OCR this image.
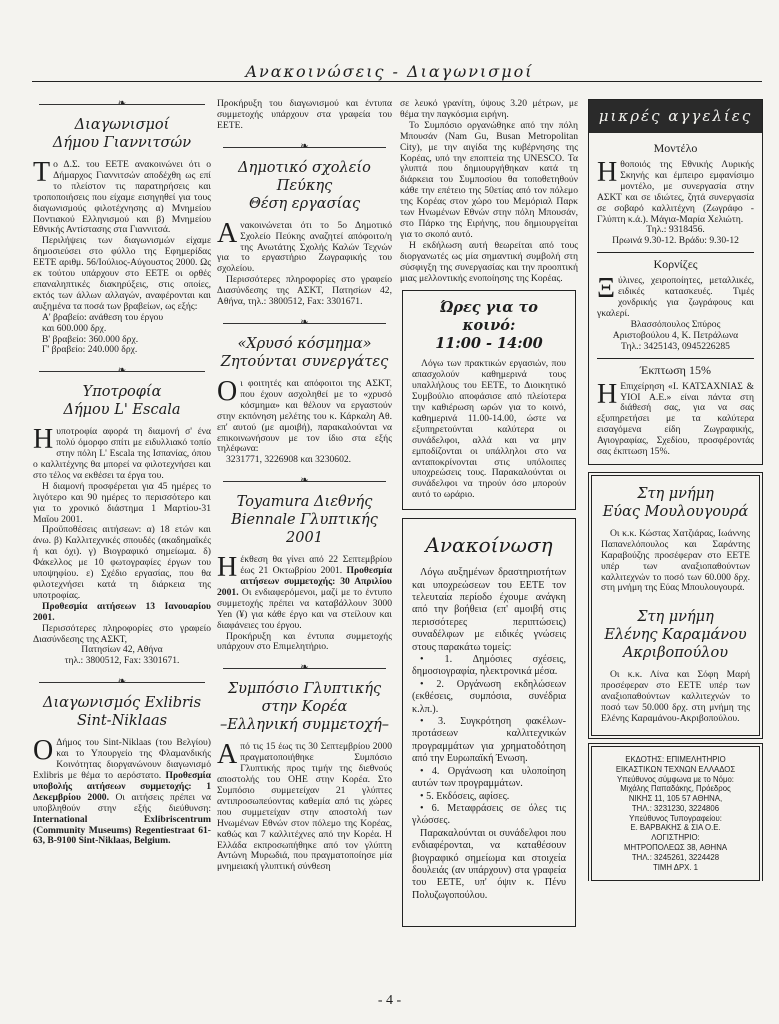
Ανακοινώσεις - Διαγωνισμοί
❧
Διαγωνισμοί
Δήμου Γιαννιτσών

Το Δ.Σ. του ΕΕΤΕ ανακοινώνει ότι ο Δήμαρχος Γιαννιτσών αποδέχθη ως επί το πλείστον τις παρατηρήσεις και τροποποιήσεις που είχαμε εισηγηθεί για τους διαγωνισμούς φιλοτέχνησης α) Μνημείου Ποντιακού Ελληνισμού και β) Μνημείου Εθνικής Αντίστασης στα Γιαννιτσά.

Περιλήψεις των διαγωνισμών είχαμε δημοσιεύσει στο φύλλο της Εφημερίδας ΕΕΤΕ αριθμ. 56/Ιούλιος-Αύγουστος 2000. Ως εκ τούτου υπάρχουν στο ΕΕΤΕ οι ορθές επαναληπτικές διακηρύξεις, στις οποίες, εκτός των άλλων αλλαγών, αναφέρονται και αυξημένα τα ποσά των βραβείων, ως εξής:

Α' βραβείο: ανάθεση του έργου

και 600.000 δρχ.

Β' βραβείο: 360.000 δρχ.

Γ' βραβείο: 240.000 δρχ.

❧
Υποτροφία
Δήμου L' Escala

Ηυποτροφία αφορά τη διαμονή σ' ένα πολύ όμορφο σπίτι με ειδυλλιακό τοπίο στην πόλη L' Escala της Ισπανίας, όπου ο καλλιτέχνης θα μπορεί να φιλοτεχνήσει και στο τέλος να εκθέσει τα έργα του.

Η διαμονή προσφέρεται για 45 ημέρες το λιγότερο και 90 ημέρες το περισσότερο και για το χρονικό διάστημα 1 Μαρτίου-31 Μαΐου 2001.

Προϋποθέσεις αιτήσεων: α) 18 ετών και άνω. β) Καλλιτεχνικές σπουδές (ακαδημαϊκές ή και όχι). γ) Βιογραφικό σημείωμα. δ) Φάκελλος με 10 φωτογραφίες έργων του υποψηφίου. ε) Σχέδιο εργασίας, που θα φιλοτεχνήσει κατά τη διάρκεια της υποτροφίας.

Προθεσμία αιτήσεων 13 Ιανουαρίου 2001.

Περισσότερες πληροφορίες στο γραφείο Διασύνδεσης της ΑΣΚΤ,

Πατησίων 42, Αθήνα

τηλ.: 3800512, Fax: 3301671.

❧
Διαγωνισμός Exlibris
Sint-Niklaas

Ο Δήμος του Sint-Niklaas (του Βελγίου) και το Υπουργείο της Φλαμανδικής Κοινότητας διοργανώνουν διαγωνισμό Exlibris με θέμα το αερόστατο. Προθεσμία υποβολής αιτήσεων συμμετοχής: 1 Δεκεμβρίου 2000. Οι αιτήσεις πρέπει να υποβληθούν στην εξής διεύθυνση: International Exlibriscentrum (Community Museums) Regentiestraat 61-63, B-9100 Sint-Niklaas, Belgium.

Προκήρυξη του διαγωνισμού και έντυπα συμμετοχής υπάρχουν στα γραφεία του ΕΕΤΕ.

❧
Δημοτικό σχολείο Πεύκης
Θέση εργασίας

Ανακοινώνεται ότι το 5ο Δημοτικό Σχολείο Πεύκης αναζητεί απόφοιτο/η της Ανωτάτης Σχολής Καλών Τεχνών για το εργαστήριο Ζωγραφικής του σχολείου.

Περισσότερες πληροφορίες στο γραφείο Διασύνδεσης της ΑΣΚΤ, Πατησίων 42, Αθήνα, τηλ.: 3800512, Fax: 3301671.

❧
«Χρυσό κόσμημα»
Ζητούνται συνεργάτες

Οι φοιτητές και απόφοιτοι της ΑΣΚΤ, που έχουν ασχοληθεί με το «χρυσό κόσμημα» και θέλουν να εργαστούν στην εκπόνηση μελέτης του κ. Κάρκαλη Αθ. επ' αυτού (με αμοιβή), παρακαλούνται να επικοινωνήσουν με τον ίδιο στα εξής τηλέφωνα:

3231771, 3226908 και 3230602.

❧
Toyamura Διεθνής
Biennale Γλυπτικής 2001

Ηέκθεση θα γίνει από 22 Σεπτεμβρίου έως 21 Οκτωβρίου 2001. Προθεσμία αιτήσεων συμμετοχής: 30 Απριλίου 2001. Οι ενδιαφερόμενοι, μαζί με το έντυπο συμμετοχής πρέπει να καταβάλλουν 3000 Yen (¥) για κάθε έργο και να στείλουν και διαφάνειες του έργου.

Προκήρυξη και έντυπα συμμετοχής υπάρχουν στο Επιμελητήριο.

❧
Συμπόσιο Γλυπτικής
στην Κορέα
–Ελληνική συμμετοχή–

Από τις 15 έως τις 30 Σεπτεμβρίου 2000 πραγματοποιήθηκε Συμπόσιο Γλυπτικής προς τιμήν της διεθνούς αποστολής του ΟΗΕ στην Κορέα. Στο Συμπόσιο συμμετείχαν 21 γλύπτες αντιπροσωπεύοντας καθεμία από τις χώρες που συμμετείχαν στην αποστολή των Ηνωμένων Εθνών στον πόλεμο της Κορέας, καθώς και 7 καλλιτέχνες από την Κορέα. Η Ελλάδα εκπροσωπήθηκε από τον γλύπτη Αντώνη Μυρωδιά, που πραγματοποίησε μία μνημειακή γλυπτική σύνθεση

σε λευκό γρανίτη, ύψους 3.20 μέτρων, με θέμα την παγκόσμια ειρήνη.

Το Συμπόσιο οργανώθηκε από την πόλη Μπουσάν (Nam Gu, Busan Metropolitan City), με την αιγίδα της κυβέρνησης της Κορέας, υπό την εποπτεία της UNESCO. Τα γλυπτά που δημιουργήθηκαν κατά τη διάρκεια του Συμποσίου θα τοποθετηθούν κάθε την επέτειο της 50ετίας από τον πόλεμο της Κορέας στον χώρο του Μεμόριαλ Παρκ των Ηνωμένων Εθνών στην πόλη Μπουσάν, στο Πάρκο της Ειρήνης, που δημιουργείται για το σκοπό αυτό.

Η εκδήλωση αυτή θεωρείται από τους διοργανωτές ως μία σημαντική συμβολή στη σύσφιγξη της συνεργασίας και την προοπτική μιας μελλοντικής ενοποίησης της Κορέας.

Ώρες για το κοινό:
11:00 - 14:00

Λόγω των πρακτικών εργασιών, που απασχολούν καθημερινά τους υπαλλήλους του ΕΕΤΕ, το Διοικητικό Συμβούλιο αποφάσισε από πλείοτερα την καθιέρωση ωρών για το κοινό, καθημερινά 11.00-14.00, ώστε να εξυπηρετούνται καλύτερα οι συνάδελφοι, αλλά και να μην εμποδίζονται οι υπάλληλοι στο να ανταποκρίνονται στις υπόλοιπες υποχρεώσεις τους. Παρακαλούνται οι συνάδελφοι να τηρούν όσο μπορούν αυτό το ωράριο.

Ανακοίνωση

Λόγω αυξημένων δραστηριοτήτων και υποχρεώσεων του ΕΕΤΕ τον τελευταία περίοδο έχουμε ανάγκη από την βοήθεια (επ' αμοιβή στις περισσότερες περιπτώσεις) συναδέλφων με ειδικές γνώσεις στους παρακάτω τομείς:

• 1. Δημόσιες σχέσεις, δημοσιογραφία, ηλεκτρονικά μέσα.

• 2. Οργάνωση εκδηλώσεων (εκθέσεις, συμπόσια, συνέδρια κ.λπ.).

• 3. Συγκρότηση φακέλων-προτάσεων καλλιτεχνικών προγραμμάτων για χρηματοδότηση από την Ευρωπαϊκή Ένωση.

• 4. Οργάνωση και υλοποίηση αυτών των προγραμμάτων.

• 5. Εκδόσεις, αφίσες.

• 6. Μεταφράσεις σε όλες τις γλώσσες.

Παρακαλούνται οι συνάδελφοι που ενδιαφέρονται, να καταθέσουν βιογραφικό σημείωμα και στοιχεία δουλειάς (αν υπάρχουν) στα γραφεία του ΕΕΤΕ, υπ' όψιν κ. Πένυ Πολυζωγοπούλου.

μικρές αγγελίες
Μοντέλο

Ηθοποιός της Εθνικής Λυρικής Σκηνής και έμπειρο εμφανίσιμο μοντέλο, με συνεργασία στην ΑΣΚΤ και σε ιδιώτες, ζητά συνεργασία σε σοβαρό καλλιτέχνη (Ζωγράφο - Γλύπτη κ.ά.). Μάγια-Μαρία Χελιώτη.

Τηλ.: 9318456.

Πρωινά 9.30-12. Βράδυ: 9.30-12

Κορνίζες

Ξύλινες, χειροποίητες, μεταλλικές, ειδικές κατασκευές. Τιμές χονδρικής για ζωγράφους και γκαλερί.

Βλασσόπουλος Σπύρος

Αριστοβούλου 4, Κ. Πετράλωνα

Τηλ.: 3425143, 0945226285

Έκπτωση 15%

Η Επιχείρηση «I. ΚΑΤΣΑΧΝΙΑΣ & ΥΙΟΙ Α.Ε.» είναι πάντα στη διάθεσή σας, για να σας εξυπηρετήσει με τα καλύτερα εισαγόμενα είδη Ζωγραφικής, Αγιογραφίας, Σχεδίου, προσφέροντάς σας έκπτωση 15%.

Στη μνήμη
Εύας Μουλουγουρά

Οι κ.κ. Κώστας Χατζιάρας, Ιωάννης Παπανελόπουλος και Σαράντης Καραβούζης προσέφεραν στο ΕΕΤΕ υπέρ των αναξιοπαθούντων καλλιτεχνών το ποσό των 60.000 δρχ. στη μνήμη της Εύας Μπουλουγουρά.

Στη μνήμη
Ελένης Καραμάνου
Ακριβοπούλου

Οι κ.κ. Λίνα και Σόφη Μαρή προσέφεραν στο ΕΕΤΕ υπέρ των αναξιοπαθούντων καλλιτεχνών το ποσό των 50.000 δρχ. στη μνήμη της Ελένης Καραμάνου-Ακριβοπούλου.

ΕΚΔΟΤΗΣ: ΕΠΙΜΕΛΗΤΗΡΙΟ
ΕΙΚΑΣΤΙΚΩΝ ΤΕΧΝΩΝ ΕΛΛΑΔΟΣ
Υπεύθυνος σύμφωνα με το Νόμο:
Μιχάλης Παπαδάκης, Πρόεδρος
ΝΙΚΗΣ 11, 105 57 ΑΘΗΝΑ,
ΤΗΛ.: 3231230, 3224806
Υπεύθυνος Τυπογραφείου:
Ε. ΒΑΡΒΑΚΗΣ & ΣΙΑ Ο.Ε.
ΛΟΓΙΣΤΗΡΙΟ:
ΜΗΤΡΟΠΟΛΕΩΣ 38, ΑΘΗΝΑ
ΤΗΛ.: 3245261, 3224428
ΤΙΜΗ ΔΡΧ. 1
- 4 -
